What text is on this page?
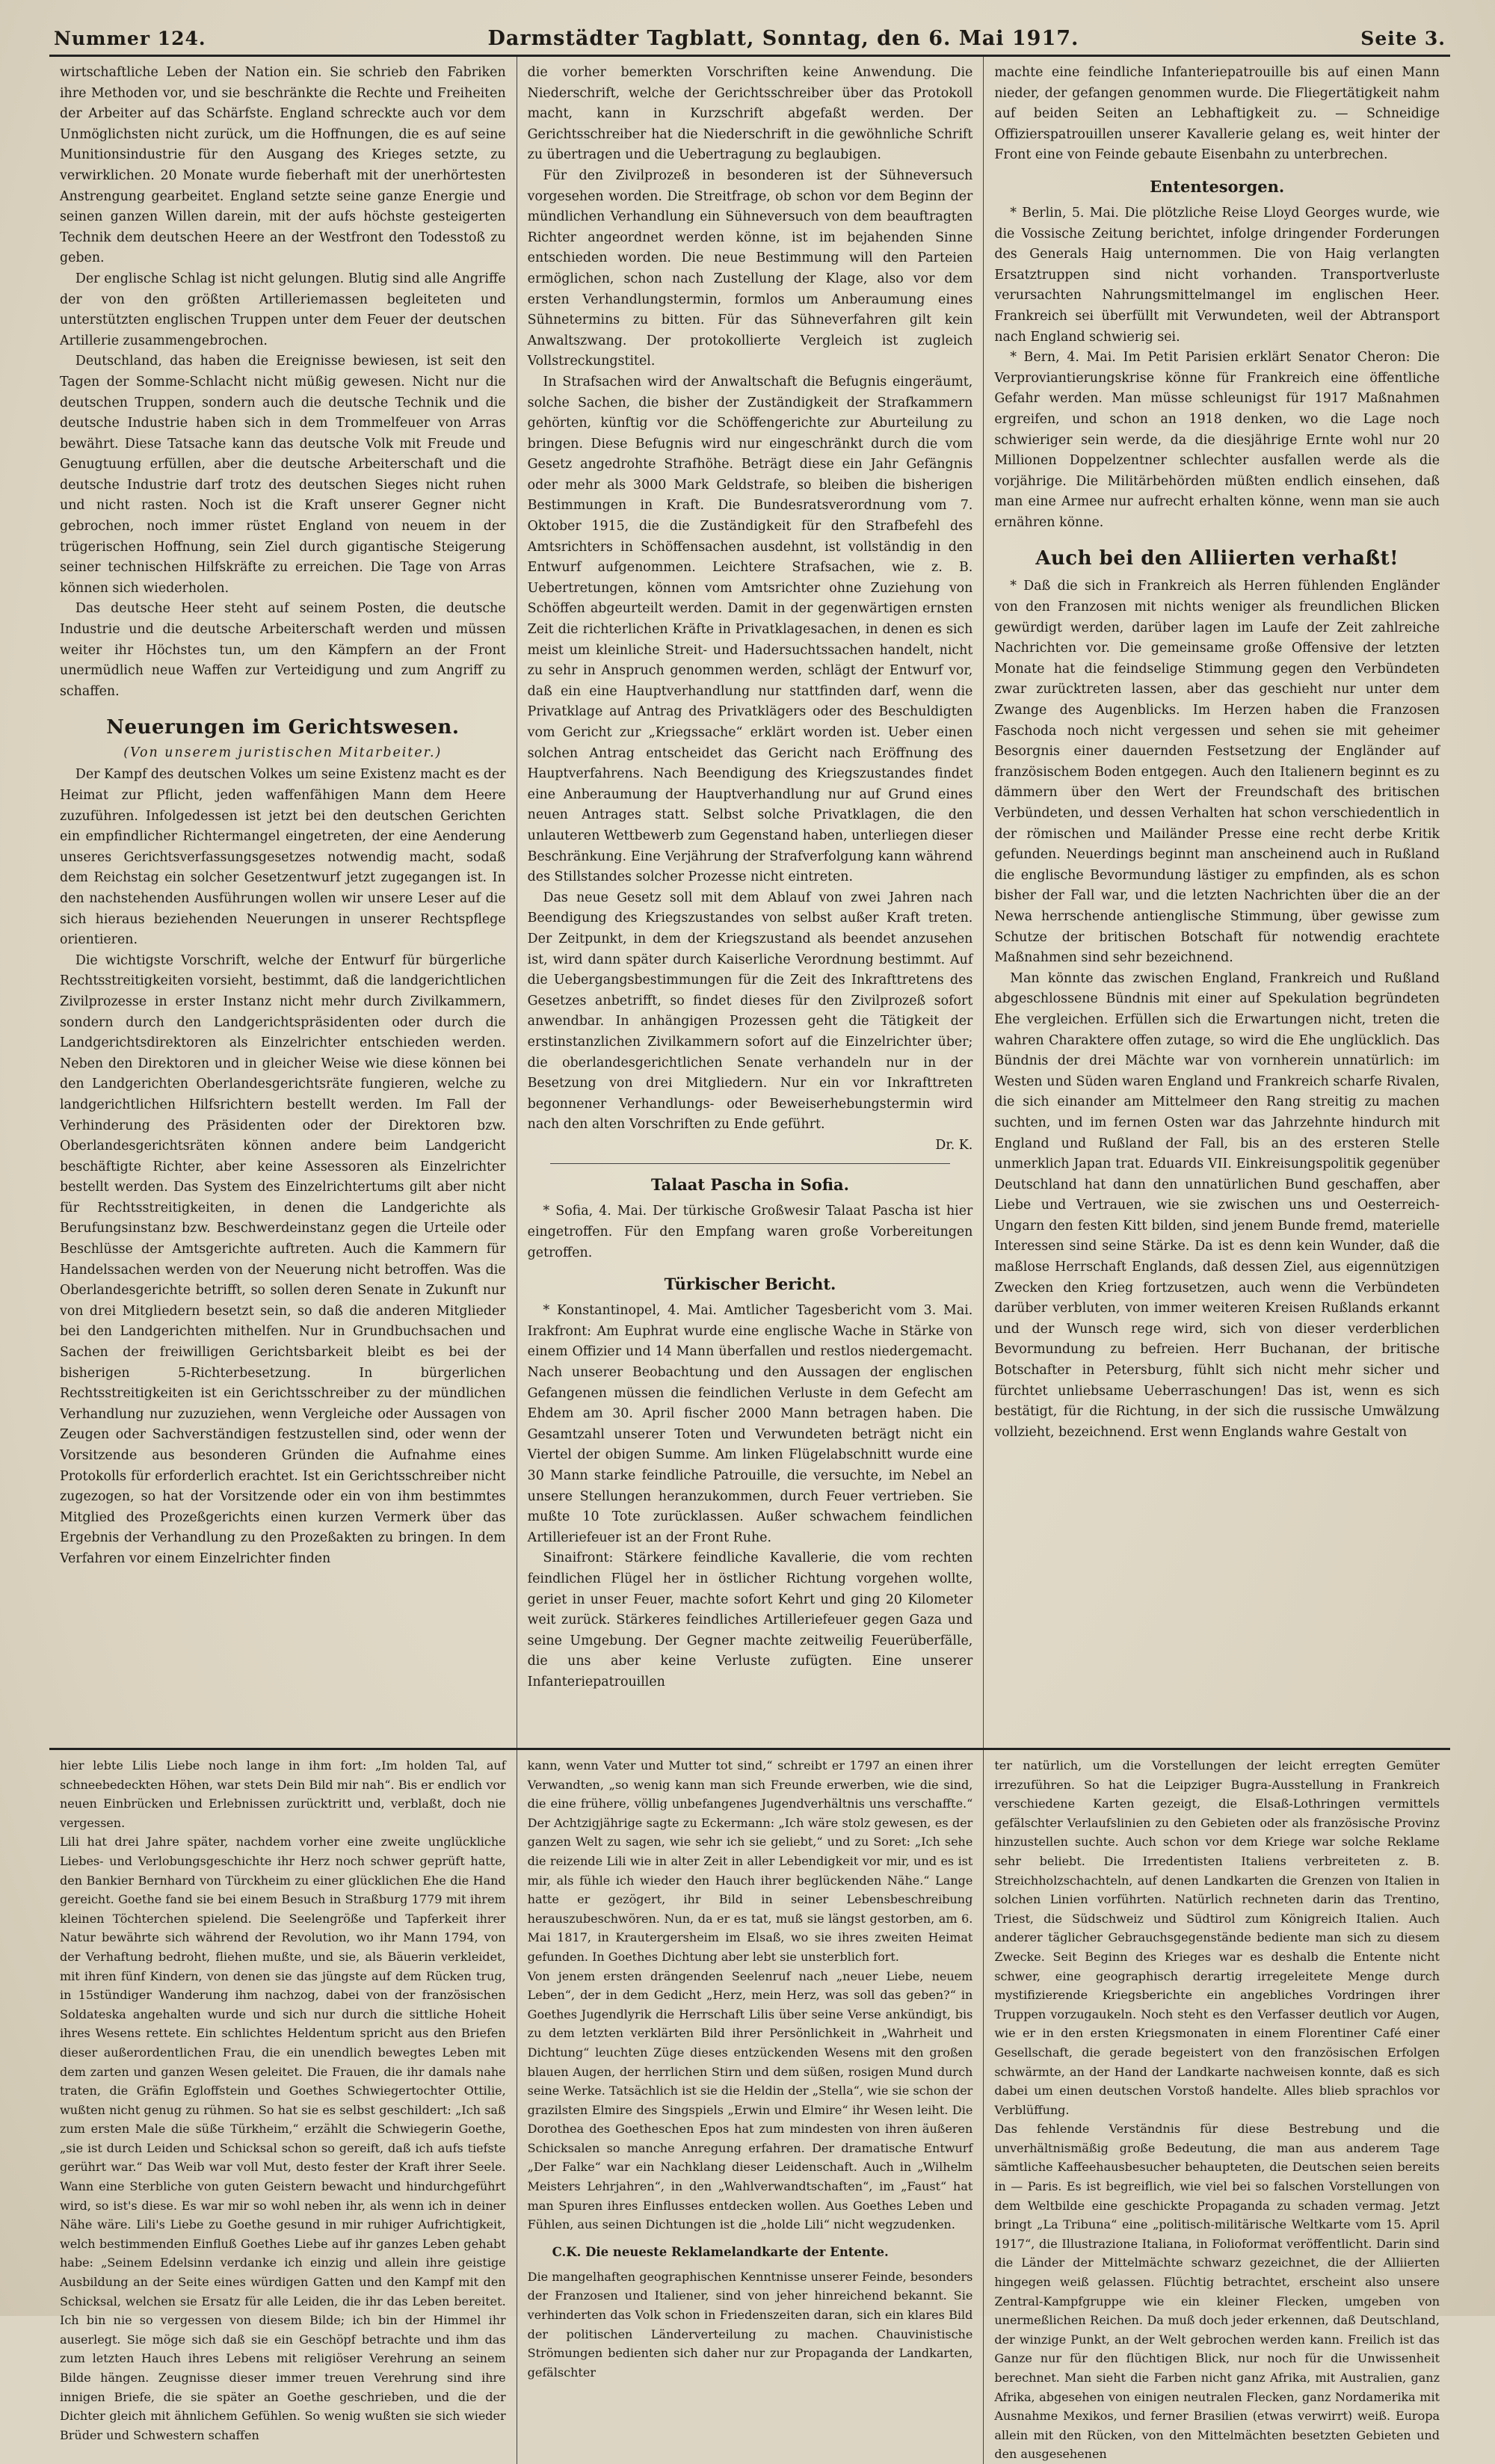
Nummer 124.	Darmstädter Tagblatt, Sonntag, den 6. Mai 1917.	Seite 3.

wirtschaftliche Leben der Nation ein. Sie schrieb den Fabriken ihre Methoden vor, und sie beschränkte die Rechte und Freiheiten der Arbeiter auf das Schärfste. England schreckte auch vor dem Unmöglichsten nicht zurück, um die Hoffnungen, die es auf seine Munitionsindustrie für den Ausgang des Krieges setzte, zu verwirklichen. 20 Monate wurde fieberhaft mit der unerhörtesten Anstrengung gearbeitet. England setzte seine ganze Energie und seinen ganzen Willen darein, mit der aufs höchste gesteigerten Technik dem deutschen Heere an der Westfront den Todesstoß zu geben.

Der englische Schlag ist nicht gelungen. Blutig sind alle Angriffe der von den größten Artilleriemassen begleiteten und unterstützten englischen Truppen unter dem Feuer der deutschen Artillerie zusammengebrochen.

Deutschland, das haben die Ereignisse bewiesen, ist seit den Tagen der Somme-Schlacht nicht müßig gewesen. Nicht nur die deutschen Truppen, sondern auch die deutsche Technik und die deutsche Industrie haben sich in dem Trommelfeuer von Arras bewährt. Diese Tatsache kann das deutsche Volk mit Freude und Genugtuung erfüllen, aber die deutsche Arbeiterschaft und die deutsche Industrie darf trotz des deutschen Sieges nicht ruhen und nicht rasten. Noch ist die Kraft unserer Gegner nicht gebrochen, noch immer rüstet England von neuem in der trügerischen Hoffnung, sein Ziel durch gigantische Steigerung seiner technischen Hilfskräfte zu erreichen. Die Tage von Arras können sich wiederholen.

Das deutsche Heer steht auf seinem Posten, die deutsche Industrie und die deutsche Arbeiterschaft werden und müssen weiter ihr Höchstes tun, um den Kämpfern an der Front unermüdlich neue Waffen zur Verteidigung und zum Angriff zu schaffen.

Neuerungen im Gerichtswesen.
(Von unserem juristischen Mitarbeiter.)

Der Kampf des deutschen Volkes um seine Existenz macht es der Heimat zur Pflicht, jeden waffenfähigen Mann dem Heere zuzuführen. Infolgedessen ist jetzt bei den deutschen Gerichten ein empfindlicher Richtermangel eingetreten, der eine Aenderung unseres Gerichtsverfassungsgesetzes notwendig macht, sodaß dem Reichstag ein solcher Gesetzentwurf jetzt zugegangen ist. In den nachstehenden Ausführungen wollen wir unsere Leser auf die sich hieraus beziehenden Neuerungen in unserer Rechtspflege orientieren.

Die wichtigste Vorschrift, welche der Entwurf für bürgerliche Rechtsstreitigkeiten vorsieht, bestimmt, daß die landgerichtlichen Zivilprozesse in erster Instanz nicht mehr durch Zivilkammern, sondern durch den Landgerichtspräsidenten oder durch die Landgerichtsdirektoren als Einzelrichter entschieden werden. Neben den Direktoren und in gleicher Weise wie diese können bei den Landgerichten Oberlandesgerichtsräte fungieren, welche zu landgerichtlichen Hilfsrichtern bestellt werden. Im Fall der Verhinderung des Präsidenten oder der Direktoren bzw. Oberlandesgerichtsräten können andere beim Landgericht beschäftigte Richter, aber keine Assessoren als Einzelrichter bestellt werden. Das System des Einzelrichtertums gilt aber nicht für Rechtsstreitigkeiten, in denen die Landgerichte als Berufungsinstanz bzw. Beschwerdeinstanz gegen die Urteile oder Beschlüsse der Amtsgerichte auftreten. Auch die Kammern für Handelssachen werden von der Neuerung nicht betroffen. Was die Oberlandesgerichte betrifft, so sollen deren Senate in Zukunft nur von drei Mitgliedern besetzt sein, so daß die anderen Mitglieder bei den Landgerichten mithelfen. Nur in Grundbuchsachen und Sachen der freiwilligen Gerichtsbarkeit bleibt es bei der bisherigen 5-Richterbesetzung. In bürgerlichen Rechtsstreitigkeiten ist ein Gerichtsschreiber zu der mündlichen Verhandlung nur zuzuziehen, wenn Vergleiche oder Aussagen von Zeugen oder Sachverständigen festzustellen sind, oder wenn der Vorsitzende aus besonderen Gründen die Aufnahme eines Protokolls für erforderlich erachtet. Ist ein Gerichtsschreiber nicht zugezogen, so hat der Vorsitzende oder ein von ihm bestimmtes Mitglied des Prozeßgerichts einen kurzen Vermerk über das Ergebnis der Verhandlung zu den Prozeßakten zu bringen. In dem Verfahren vor einem Einzelrichter finden

die vorher bemerkten Vorschriften keine Anwendung. Die Niederschrift, welche der Gerichtsschreiber über das Protokoll macht, kann in Kurzschrift abgefaßt werden. Der Gerichtsschreiber hat die Niederschrift in die gewöhnliche Schrift zu übertragen und die Uebertragung zu beglaubigen.

Für den Zivilprozeß in besonderen ist der Sühneversuch vorgesehen worden. Die Streitfrage, ob schon vor dem Beginn der mündlichen Verhandlung ein Sühneversuch von dem beauftragten Richter angeordnet werden könne, ist im bejahenden Sinne entschieden worden. Die neue Bestimmung will den Parteien ermöglichen, schon nach Zustellung der Klage, also vor dem ersten Verhandlungstermin, formlos um Anberaumung eines Sühnetermins zu bitten. Für das Sühneverfahren gilt kein Anwaltszwang. Der protokollierte Vergleich ist zugleich Vollstreckungstitel.

In Strafsachen wird der Anwaltschaft die Befugnis eingeräumt, solche Sachen, die bisher der Zuständigkeit der Strafkammern gehörten, künftig vor die Schöffengerichte zur Aburteilung zu bringen. Diese Befugnis wird nur eingeschränkt durch die vom Gesetz angedrohte Strafhöhe. Beträgt diese ein Jahr Gefängnis oder mehr als 3000 Mark Geldstrafe, so bleiben die bisherigen Bestimmungen in Kraft. Die Bundesratsverordnung vom 7. Oktober 1915, die die Zuständigkeit für den Strafbefehl des Amtsrichters in Schöffensachen ausdehnt, ist vollständig in den Entwurf aufgenommen. Leichtere Strafsachen, wie z. B. Uebertretungen, können vom Amtsrichter ohne Zuziehung von Schöffen abgeurteilt werden. Damit in der gegenwärtigen ernsten Zeit die richterlichen Kräfte in Privatklagesachen, in denen es sich meist um kleinliche Streit- und Hadersuchtssachen handelt, nicht zu sehr in Anspruch genommen werden, schlägt der Entwurf vor, daß ein eine Hauptverhandlung nur stattfinden darf, wenn die Privatklage auf Antrag des Privatklägers oder des Beschuldigten vom Gericht zur „Kriegssache“ erklärt worden ist. Ueber einen solchen Antrag entscheidet das Gericht nach Eröffnung des Hauptverfahrens. Nach Beendigung des Kriegszustandes findet eine Anberaumung der Hauptverhandlung nur auf Grund eines neuen Antrages statt. Selbst solche Privatklagen, die den unlauteren Wettbewerb zum Gegenstand haben, unterliegen dieser Beschränkung. Eine Verjährung der Strafverfolgung kann während des Stillstandes solcher Prozesse nicht eintreten.

Das neue Gesetz soll mit dem Ablauf von zwei Jahren nach Beendigung des Kriegszustandes von selbst außer Kraft treten. Der Zeitpunkt, in dem der Kriegszustand als beendet anzusehen ist, wird dann später durch Kaiserliche Verordnung bestimmt. Auf die Uebergangsbestimmungen für die Zeit des Inkrafttretens des Gesetzes anbetrifft, so findet dieses für den Zivilprozeß sofort anwendbar. In anhängigen Prozessen geht die Tätigkeit der erstinstanzlichen Zivilkammern sofort auf die Einzelrichter über; die oberlandesgerichtlichen Senate verhandeln nur in der Besetzung von drei Mitgliedern. Nur ein vor Inkrafttreten begonnener Verhandlungs- oder Beweiserhebungstermin wird nach den alten Vorschriften zu Ende geführt.

Dr. K.
Talaat Pascha in Sofia.

* Sofia, 4. Mai. Der türkische Großwesir Talaat Pascha ist hier eingetroffen. Für den Empfang waren große Vorbereitungen getroffen.

Türkischer Bericht.

* Konstantinopel, 4. Mai. Amtlicher Tagesbericht vom 3. Mai. Irakfront: Am Euphrat wurde eine englische Wache in Stärke von einem Offizier und 14 Mann überfallen und restlos niedergemacht. Nach unserer Beobachtung und den Aussagen der englischen Gefangenen müssen die feindlichen Verluste in dem Gefecht am Ehdem am 30. April fischer 2000 Mann betragen haben. Die Gesamtzahl unserer Toten und Verwundeten beträgt nicht ein Viertel der obigen Summe. Am linken Flügelabschnitt wurde eine 30 Mann starke feindliche Patrouille, die versuchte, im Nebel an unsere Stellungen heranzukommen, durch Feuer vertrieben. Sie mußte 10 Tote zurücklassen. Außer schwachem feindlichen Artilleriefeuer ist an der Front Ruhe.

Sinaifront: Stärkere feindliche Kavallerie, die vom rechten feindlichen Flügel her in östlicher Richtung vorgehen wollte, geriet in unser Feuer, machte sofort Kehrt und ging 20 Kilometer weit zurück. Stärkeres feindliches Artilleriefeuer gegen Gaza und seine Umgebung. Der Gegner machte zeitweilig Feuerüberfälle, die uns aber keine Verluste zufügten. Eine unserer Infanteriepatrouillen

machte eine feindliche Infanteriepatrouille bis auf einen Mann nieder, der gefangen genommen wurde. Die Fliegertätigkeit nahm auf beiden Seiten an Lebhaftigkeit zu. — Schneidige Offizierspatrouillen unserer Kavallerie gelang es, weit hinter der Front eine von Feinde gebaute Eisenbahn zu unterbrechen.

Ententesorgen.

* Berlin, 5. Mai. Die plötzliche Reise Lloyd Georges wurde, wie die Vossische Zeitung berichtet, infolge dringender Forderungen des Generals Haig unternommen. Die von Haig verlangten Ersatztruppen sind nicht vorhanden. Transportverluste verursachten Nahrungsmittelmangel im englischen Heer. Frankreich sei überfüllt mit Verwundeten, weil der Abtransport nach England schwierig sei.

* Bern, 4. Mai. Im Petit Parisien erklärt Senator Cheron: Die Verproviantierungskrise könne für Frankreich eine öffentliche Gefahr werden. Man müsse schleunigst für 1917 Maßnahmen ergreifen, und schon an 1918 denken, wo die Lage noch schwieriger sein werde, da die diesjährige Ernte wohl nur 20 Millionen Doppelzentner schlechter ausfallen werde als die vorjährige. Die Militärbehörden müßten endlich einsehen, daß man eine Armee nur aufrecht erhalten könne, wenn man sie auch ernähren könne.

Auch bei den Alliierten verhaßt!

* Daß die sich in Frankreich als Herren fühlenden Engländer von den Franzosen mit nichts weniger als freundlichen Blicken gewürdigt werden, darüber lagen im Laufe der Zeit zahlreiche Nachrichten vor. Die gemeinsame große Offensive der letzten Monate hat die feindselige Stimmung gegen den Verbündeten zwar zurücktreten lassen, aber das geschieht nur unter dem Zwange des Augenblicks. Im Herzen haben die Franzosen Faschoda noch nicht vergessen und sehen sie mit geheimer Besorgnis einer dauernden Festsetzung der Engländer auf französischem Boden entgegen. Auch den Italienern beginnt es zu dämmern über den Wert der Freundschaft des britischen Verbündeten, und dessen Verhalten hat schon verschiedentlich in der römischen und Mailänder Presse eine recht derbe Kritik gefunden. Neuerdings beginnt man anscheinend auch in Rußland die englische Bevormundung lästiger zu empfinden, als es schon bisher der Fall war, und die letzten Nachrichten über die an der Newa herrschende antienglische Stimmung, über gewisse zum Schutze der britischen Botschaft für notwendig erachtete Maßnahmen sind sehr bezeichnend.

Man könnte das zwischen England, Frankreich und Rußland abgeschlossene Bündnis mit einer auf Spekulation begründeten Ehe vergleichen. Erfüllen sich die Erwartungen nicht, treten die wahren Charaktere offen zutage, so wird die Ehe unglücklich. Das Bündnis der drei Mächte war von vornherein unnatürlich: im Westen und Süden waren England und Frankreich scharfe Rivalen, die sich einander am Mittelmeer den Rang streitig zu machen suchten, und im fernen Osten war das Jahrzehnte hindurch mit England und Rußland der Fall, bis an des ersteren Stelle unmerklich Japan trat. Eduards VII. Einkreisungspolitik gegenüber Deutschland hat dann den unnatürlichen Bund geschaffen, aber Liebe und Vertrauen, wie sie zwischen uns und Oesterreich-Ungarn den festen Kitt bilden, sind jenem Bunde fremd, materielle Interessen sind seine Stärke. Da ist es denn kein Wunder, daß die maßlose Herrschaft Englands, daß dessen Ziel, aus eigennützigen Zwecken den Krieg fortzusetzen, auch wenn die Verbündeten darüber verbluten, von immer weiteren Kreisen Rußlands erkannt und der Wunsch rege wird, sich von dieser verderblichen Bevormundung zu befreien. Herr Buchanan, der britische Botschafter in Petersburg, fühlt sich nicht mehr sicher und fürchtet unliebsame Ueberraschungen! Das ist, wenn es sich bestätigt, für die Richtung, in der sich die russische Umwälzung vollzieht, bezeichnend. Erst wenn Englands wahre Gestalt von

hier lebte Lilis Liebe noch lange in ihm fort: „Im holden Tal, auf schneebedeckten Höhen, war stets Dein Bild mir nah“. Bis er endlich vor neuen Einbrücken und Erlebnissen zurücktritt und, verblaßt, doch nie vergessen.
Lili hat drei Jahre später, nachdem vorher eine zweite unglückliche Liebes- und Verlobungsgeschichte ihr Herz noch schwer geprüft hatte, den Bankier Bernhard von Türckheim zu einer glücklichen Ehe die Hand gereicht. Goethe fand sie bei einem Besuch in Straßburg 1779 mit ihrem kleinen Töchterchen spielend. Die Seelengröße und Tapferkeit ihrer Natur bewährte sich während der Revolution, wo ihr Mann 1794, von der Verhaftung bedroht, fliehen mußte, und sie, als Bäuerin verkleidet, mit ihren fünf Kindern, von denen sie das jüngste auf dem Rücken trug, in 15stündiger Wanderung ihm nachzog, dabei von der französischen Soldateska angehalten wurde und sich nur durch die sittliche Hoheit ihres Wesens rettete. Ein schlichtes Heldentum spricht aus den Briefen dieser außerordentlichen Frau, die ein unendlich bewegtes Leben mit dem zarten und ganzen Wesen geleitet. Die Frauen, die ihr damals nahe traten, die Gräfin Egloffstein und Goethes Schwiegertochter Ottilie, wußten nicht genug zu rühmen. So hat sie es selbst geschildert: „Ich saß zum ersten Male die süße Türkheim,“ erzählt die Schwiegerin Goethe, „sie ist durch Leiden und Schicksal schon so gereift, daß ich aufs tiefste gerührt war.“ Das Weib war voll Mut, desto fester der Kraft ihrer Seele. Wann eine Sterbliche von guten Geistern bewacht und hindurchgeführt wird, so ist's diese. Es war mir so wohl neben ihr, als wenn ich in deiner Nähe wäre. Lili's Liebe zu Goethe gesund in mir ruhiger Aufrichtigkeit, welch bestimmenden Einfluß Goethes Liebe auf ihr ganzes Leben gehabt habe: „Seinem Edelsinn verdanke ich einzig und allein ihre geistige Ausbildung an der Seite eines würdigen Gatten und den Kampf mit den Schicksal, welchen sie Ersatz für alle Leiden, die ihr das Leben bereitet. Ich bin nie so vergessen von diesem Bilde; ich bin der Himmel ihr auserlegt. Sie möge sich daß sie ein Geschöpf betrachte und ihm das zum letzten Hauch ihres Lebens mit religiöser Verehrung an seinem Bilde hängen. Zeugnisse dieser immer treuen Verehrung sind ihre innigen Briefe, die sie später an Goethe geschrieben, und die der Dichter gleich mit ähnlichem Gefühlen. So wenig wußten sie sich wieder Brüder und Schwestern schaffen

kann, wenn Vater und Mutter tot sind,“ schreibt er 1797 an einen ihrer Verwandten, „so wenig kann man sich Freunde erwerben, wie die sind, die eine frühere, völlig unbefangenes Jugendverhältnis uns verschaffte.“ Der Achtzigjährige sagte zu Eckermann: „Ich wäre stolz gewesen, es der ganzen Welt zu sagen, wie sehr ich sie geliebt,“ und zu Soret: „Ich sehe die reizende Lili wie in alter Zeit in aller Lebendigkeit vor mir, und es ist mir, als fühle ich wieder den Hauch ihrer beglückenden Nähe.“ Lange hatte er gezögert, ihr Bild in seiner Lebensbeschreibung herauszubeschwören. Nun, da er es tat, muß sie längst gestorben, am 6. Mai 1817, in Krautergersheim im Elsaß, wo sie ihres zweiten Heimat gefunden. In Goethes Dichtung aber lebt sie unsterblich fort.
Von jenem ersten drängenden Seelenruf nach „neuer Liebe, neuem Leben“, der in dem Gedicht „Herz, mein Herz, was soll das geben?“ in Goethes Jugendlyrik die Herrschaft Lilis über seine Verse ankündigt, bis zu dem letzten verklärten Bild ihrer Persönlichkeit in „Wahrheit und Dichtung“ leuchten Züge dieses entzückenden Wesens mit den großen blauen Augen, der herrlichen Stirn und dem süßen, rosigen Mund durch seine Werke. Tatsächlich ist sie die Heldin der „Stella“, wie sie schon der grazilsten Elmire des Singspiels „Erwin und Elmire“ ihr Wesen leiht. Die Dorothea des Goetheschen Epos hat zum mindesten von ihren äußeren Schicksalen so manche Anregung erfahren. Der dramatische Entwurf „Der Falke“ war ein Nachklang dieser Leidenschaft. Auch in „Wilhelm Meisters Lehrjahren“, in den „Wahlverwandtschaften“, im „Faust“ hat man Spuren ihres Einflusses entdecken wollen. Aus Goethes Leben und Fühlen, aus seinen Dichtungen ist die „holde Lili“ nicht wegzudenken.

C.K. Die neueste Reklamelandkarte der Entente.

Die mangelhaften geographischen Kenntnisse unserer Feinde, besonders der Franzosen und Italiener, sind von jeher hinreichend bekannt. Sie verhinderten das Volk schon in Friedenszeiten daran, sich ein klares Bild der politischen Länderverteilung zu machen. Chauvinistische Strömungen bedienten sich daher nur zur Propaganda der Landkarten, gefälschter

ter natürlich, um die Vorstellungen der leicht erregten Gemüter irrezuführen. So hat die Leipziger Bugra-Ausstellung in Frankreich verschiedene Karten gezeigt, die Elsaß-Lothringen vermittels gefälschter Verlaufslinien zu den Gebieten oder als französische Provinz hinzustellen suchte. Auch schon vor dem Kriege war solche Reklame sehr beliebt. Die Irredentisten Italiens verbreiteten z. B. Streichholzschachteln, auf denen Landkarten die Grenzen von Italien in solchen Linien vorführten. Natürlich rechneten darin das Trentino, Triest, die Südschweiz und Südtirol zum Königreich Italien. Auch anderer täglicher Gebrauchsgegenstände bediente man sich zu diesem Zwecke. Seit Beginn des Krieges war es deshalb die Entente nicht schwer, eine geographisch derartig irregeleitete Menge durch mystifizierende Kriegsberichte ein angebliches Vordringen ihrer Truppen vorzugaukeln. Noch steht es den Verfasser deutlich vor Augen, wie er in den ersten Kriegsmonaten in einem Florentiner Café einer Gesellschaft, die gerade begeistert von den französischen Erfolgen schwärmte, an der Hand der Landkarte nachweisen konnte, daß es sich dabei um einen deutschen Vorstoß handelte. Alles blieb sprachlos vor Verblüffung.
Das fehlende Verständnis für diese Bestrebung und die unverhältnismäßig große Bedeutung, die man aus anderem Tage sämtliche Kaffeehausbesucher behaupteten, die Deutschen seien bereits in — Paris. Es ist begreiflich, wie viel bei so falschen Vorstellungen von dem Weltbilde eine geschickte Propaganda zu schaden vermag. Jetzt bringt „La Tribuna“ eine „politisch-militärische Weltkarte vom 15. April 1917“, die Illustrazione Italiana, in Folioformat veröffentlicht. Darin sind die Länder der Mittelmächte schwarz gezeichnet, die der Alliierten hingegen weiß gelassen. Flüchtig betrachtet, erscheint also unsere Zentral-Kampfgruppe wie ein kleiner Flecken, umgeben von unermeßlichen Reichen. Da muß doch jeder erkennen, daß Deutschland, der winzige Punkt, an der Welt gebrochen werden kann. Freilich ist das Ganze nur für den flüchtigen Blick, nur noch für die Unwissenheit berechnet. Man sieht die Farben nicht ganz Afrika, mit Australien, ganz Afrika, abgesehen von einigen neutralen Flecken, ganz Nordamerika mit Ausnahme Mexikos, und ferner Brasilien (etwas verwirrt) weiß. Europa allein mit den Rücken, von den Mittelmächten besetzten Gebieten und den ausgesehenen
